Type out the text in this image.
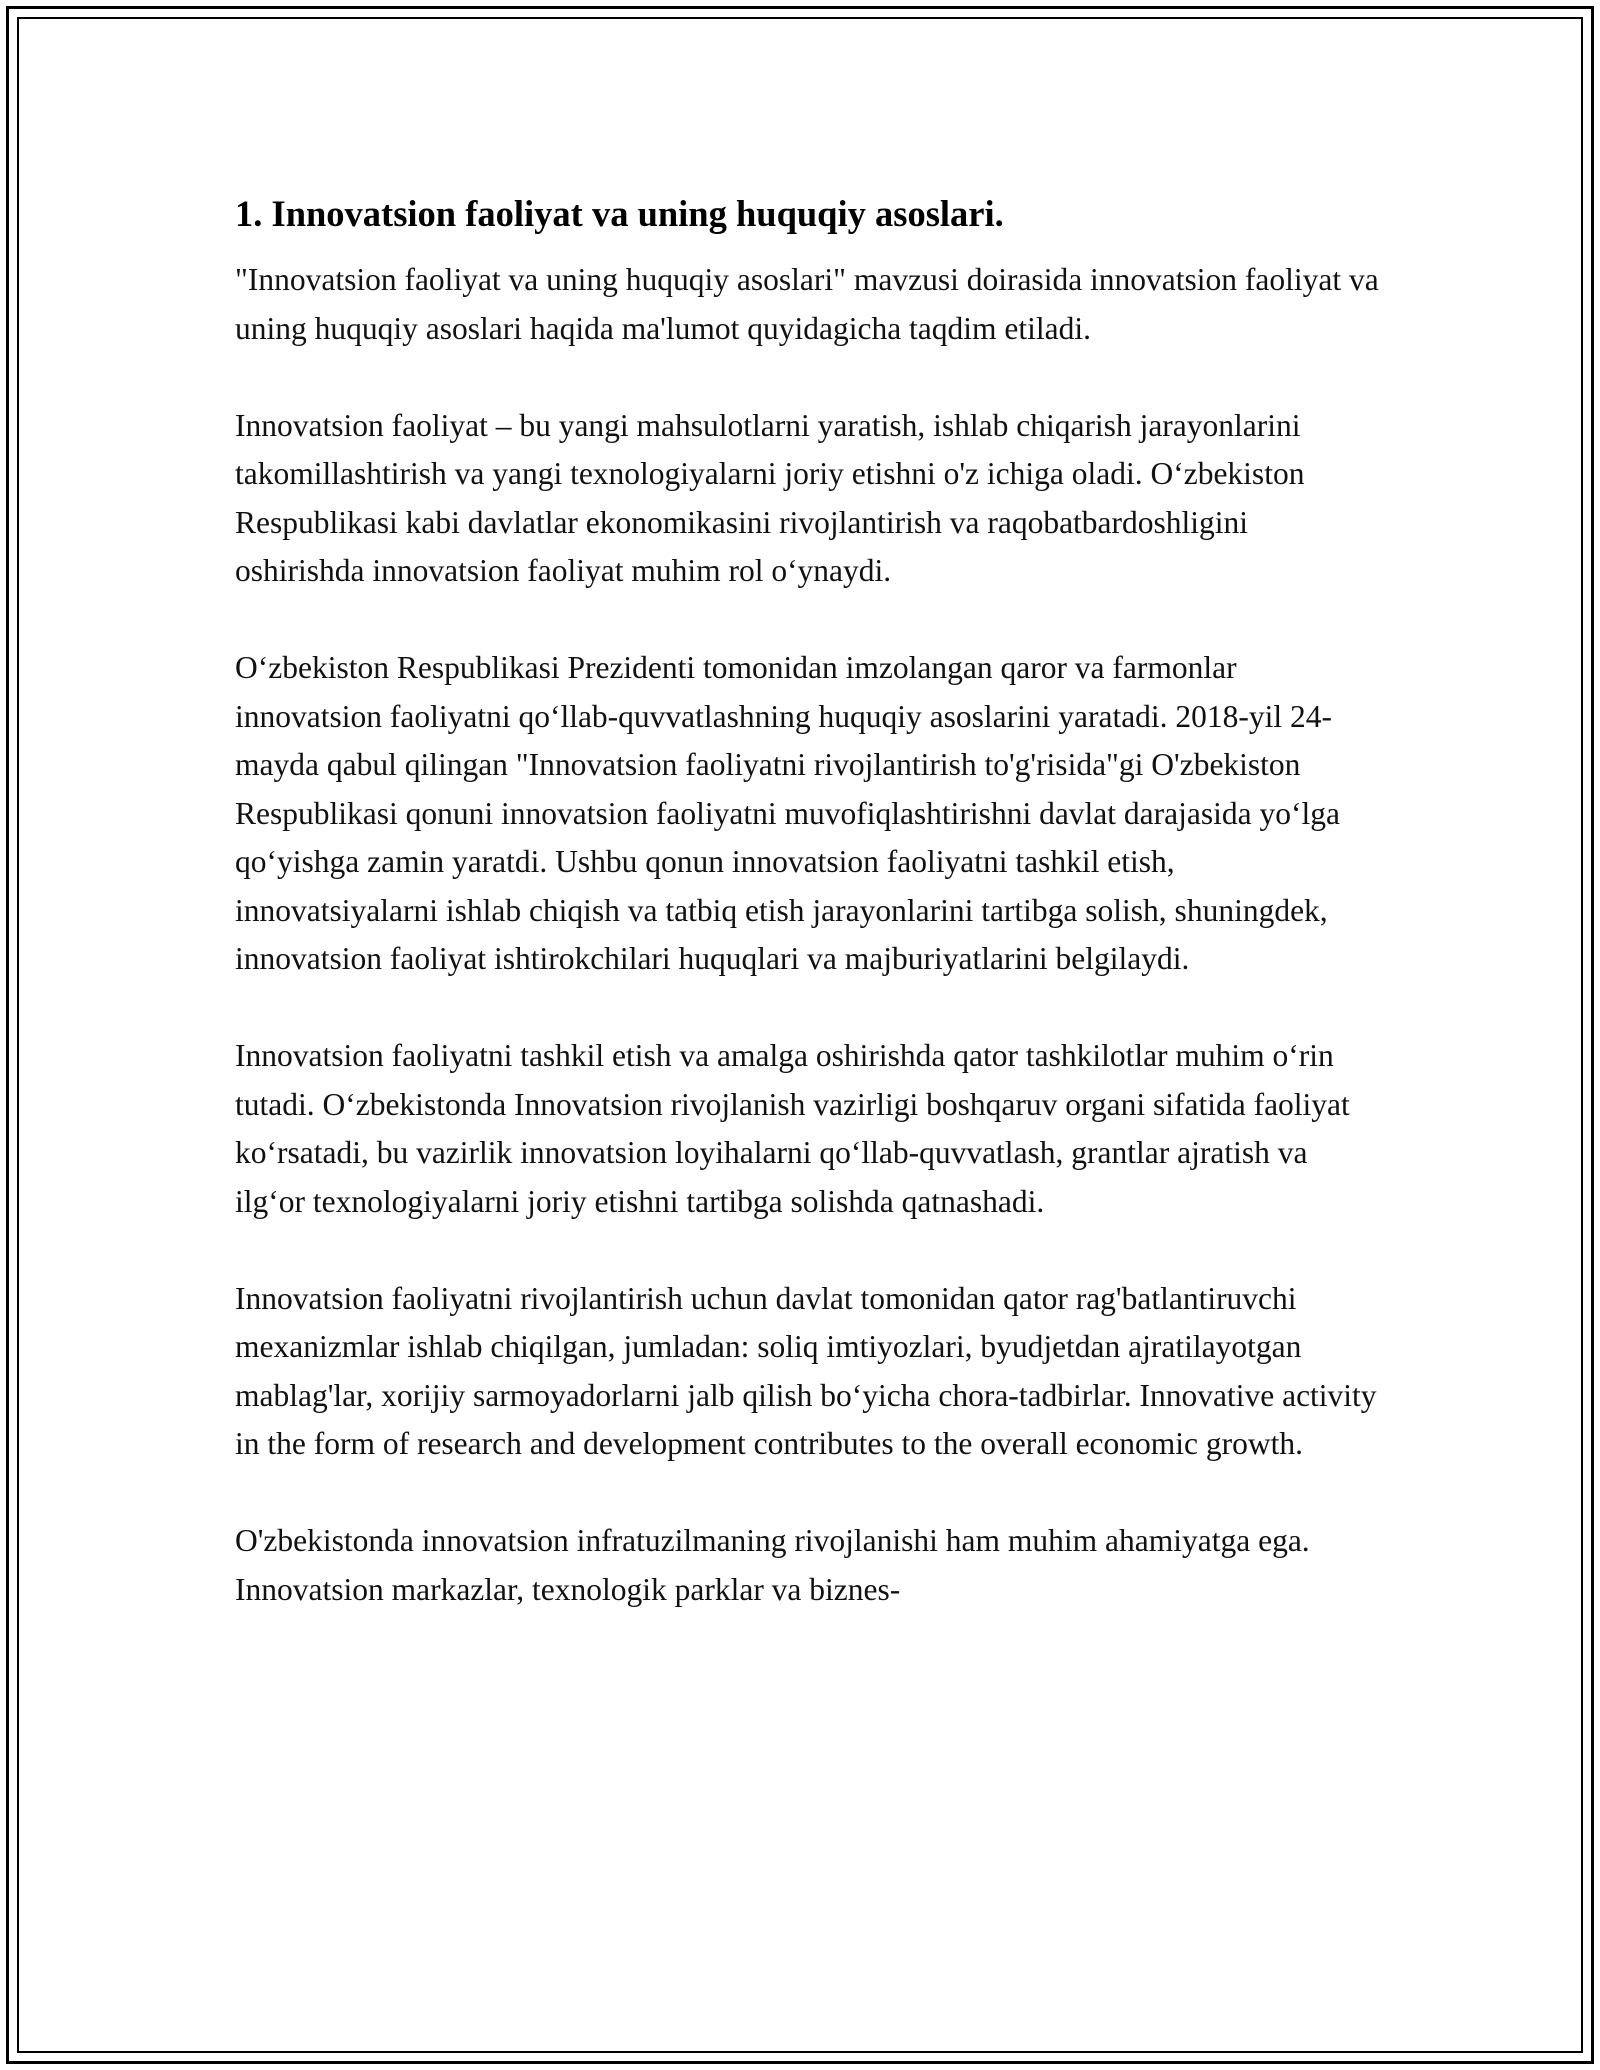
1. Innovatsion faoliyat va uning huquqiy asoslari.

"Innovatsion faoliyat va uning huquqiy asoslari" mavzusi doirasida innovatsion faoliyat va uning huquqiy asoslari haqida ma'lumot quyidagicha taqdim etiladi.

Innovatsion faoliyat – bu yangi mahsulotlarni yaratish, ishlab chiqarish jarayonlarini takomillashtirish va yangi texnologiyalarni joriy etishni o'z ichiga oladi. O‘zbekiston Respublikasi kabi davlatlar ekonomikasini rivojlantirish va raqobatbardoshligini oshirishda innovatsion faoliyat muhim rol o‘ynaydi.

O‘zbekiston Respublikasi Prezidenti tomonidan imzolangan qaror va farmonlar innovatsion faoliyatni qo‘llab-quvvatlashning huquqiy asoslarini yaratadi. 2018-yil 24-mayda qabul qilingan "Innovatsion faoliyatni rivojlantirish to'g'risida"gi O'zbekiston Respublikasi qonuni innovatsion faoliyatni muvofiqlashtirishni davlat darajasida yo‘lga qo‘yishga zamin yaratdi. Ushbu qonun innovatsion faoliyatni tashkil etish, innovatsiyalarni ishlab chiqish va tatbiq etish jarayonlarini tartibga solish, shuningdek, innovatsion faoliyat ishtirokchilari huquqlari va majburiyatlarini belgilaydi.

Innovatsion faoliyatni tashkil etish va amalga oshirishda qator tashkilotlar muhim o‘rin tutadi. O‘zbekistonda Innovatsion rivojlanish vazirligi boshqaruv organi sifatida faoliyat ko‘rsatadi, bu vazirlik innovatsion loyihalarni qo‘llab-quvvatlash, grantlar ajratish va ilg‘or texnologiyalarni joriy etishni tartibga solishda qatnashadi.

Innovatsion faoliyatni rivojlantirish uchun davlat tomonidan qator rag'batlantiruvchi mexanizmlar ishlab chiqilgan, jumladan: soliq imtiyozlari, byudjetdan ajratilayotgan mablag'lar, xorijiy sarmoyadorlarni jalb qilish bo‘yicha chora-tadbirlar. Innovative activity in the form of research and development contributes to the overall economic growth.

O'zbekistonda innovatsion infratuzilmaning rivojlanishi ham muhim ahamiyatga ega. Innovatsion markazlar, texnologik parklar va biznes-
